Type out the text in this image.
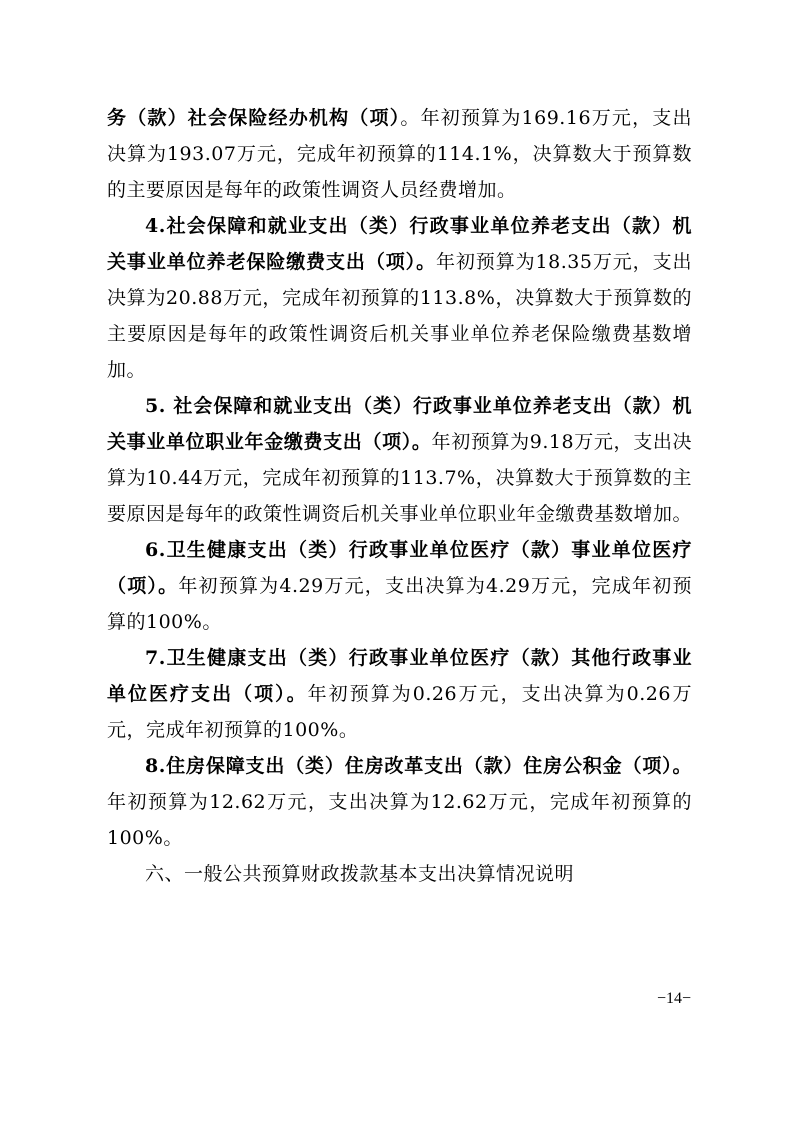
务（款）社会保险经办机构（项）。年初预算为169.16万元，支出决算为193.07万元，完成年初预算的114.1%，决算数大于预算数的主要原因是每年的政策性调资人员经费增加。

4.社会保障和就业支出（类）行政事业单位养老支出（款）机关事业单位养老保险缴费支出（项）。年初预算为18.35万元，支出决算为20.88万元，完成年初预算的113.8%，决算数大于预算数的主要原因是每年的政策性调资后机关事业单位养老保险缴费基数增加。

5. 社会保障和就业支出（类）行政事业单位养老支出（款）机关事业单位职业年金缴费支出（项）。年初预算为9.18万元，支出决算为10.44万元，完成年初预算的113.7%，决算数大于预算数的主要原因是每年的政策性调资后机关事业单位职业年金缴费基数增加。

6.卫生健康支出（类）行政事业单位医疗（款）事业单位医疗（项）。年初预算为4.29万元，支出决算为4.29万元，完成年初预算的100%。

7.卫生健康支出（类）行政事业单位医疗（款）其他行政事业单位医疗支出（项）。年初预算为0.26万元，支出决算为0.26万元，完成年初预算的100%。

8.住房保障支出（类）住房改革支出（款）住房公积金（项）。年初预算为12.62万元，支出决算为12.62万元，完成年初预算的100%。

六、一般公共预算财政拨款基本支出决算情况说明

−14−
